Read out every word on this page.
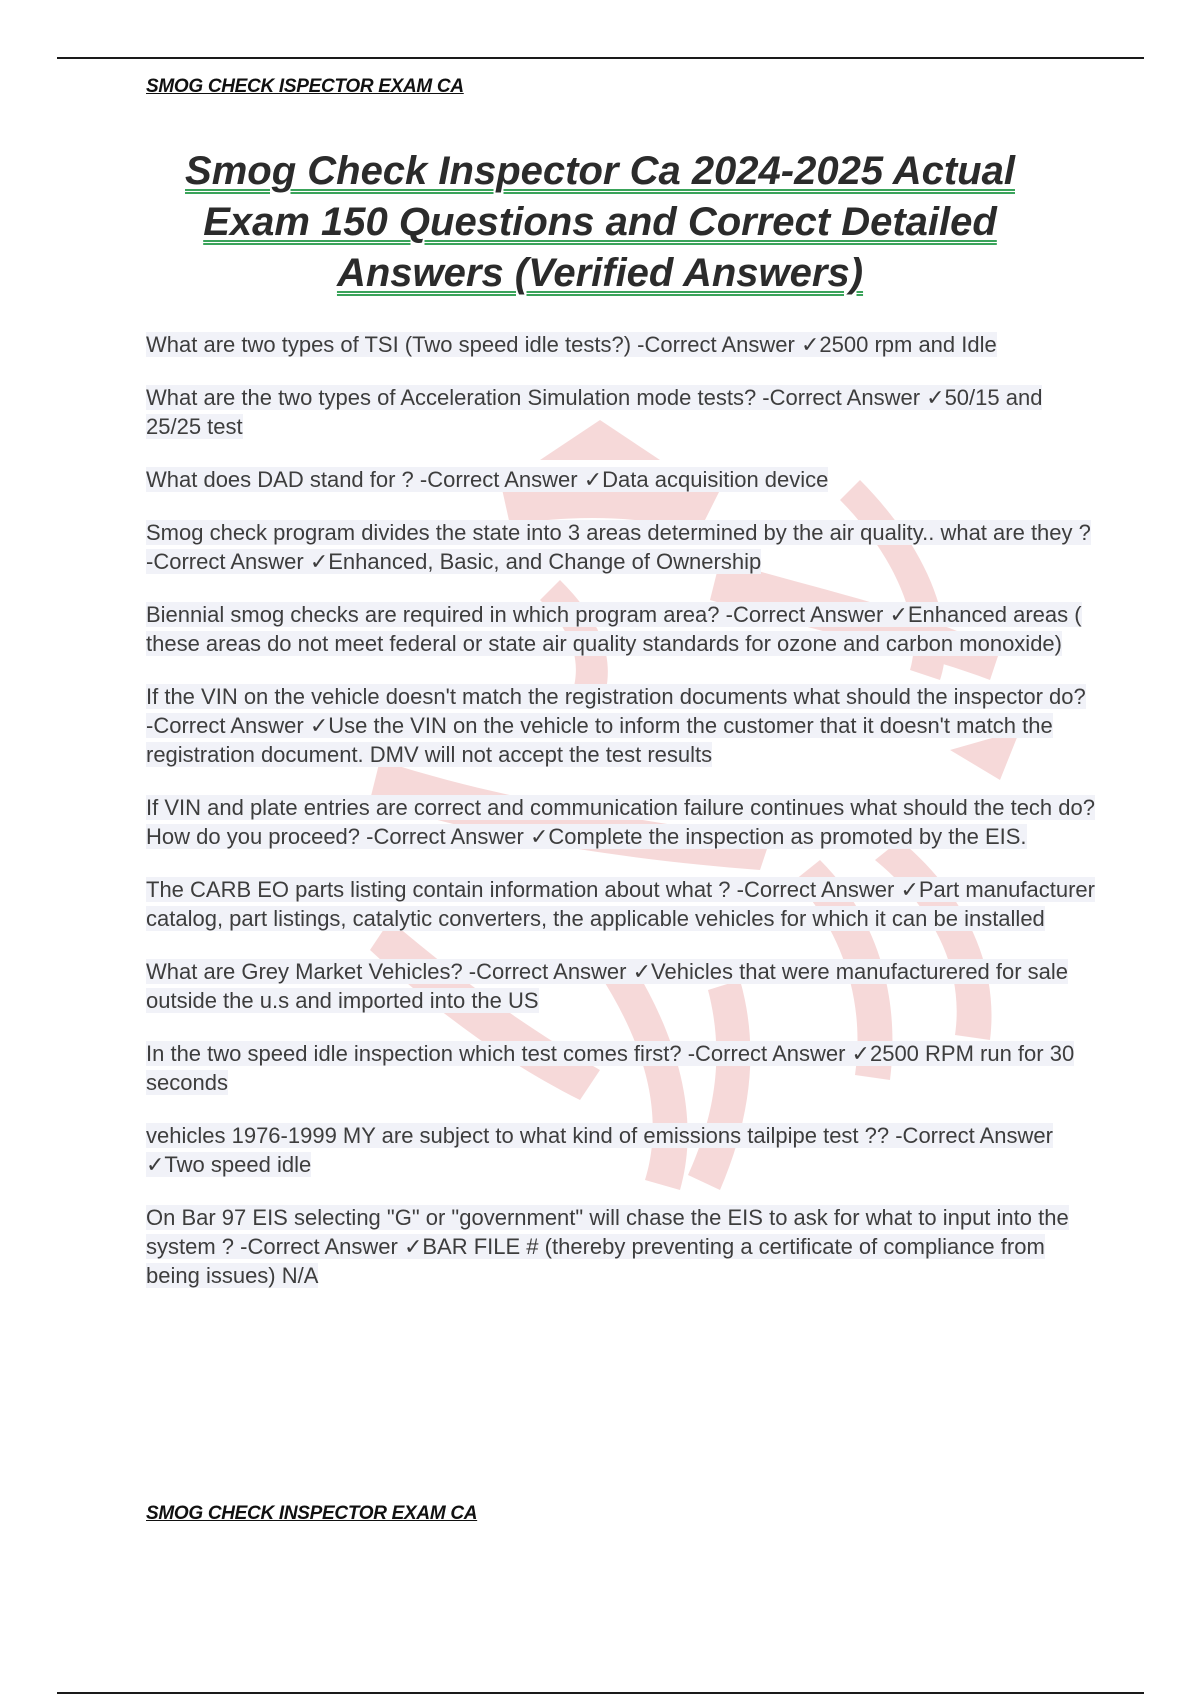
SMOG CHECK ISPECTOR EXAM CA
Smog Check Inspector Ca 2024-2025 Actual Exam 150 Questions and Correct Detailed Answers (Verified Answers)

What are two types of TSI (Two speed idle tests?) -Correct Answer ✓2500 rpm and Idle

What are the two types of Acceleration Simulation mode tests? -Correct Answer ✓50/15 and 25/25 test

What does DAD stand for ? -Correct Answer ✓Data acquisition device

Smog check program divides the state into 3 areas determined by the air quality.. what are they ? -Correct Answer ✓Enhanced, Basic, and Change of Ownership

Biennial smog checks are required in which program area? -Correct Answer ✓Enhanced areas ( these areas do not meet federal or state air quality standards for ozone and carbon monoxide)

If the VIN on the vehicle doesn't match the registration documents what should the inspector do? -Correct Answer ✓Use the VIN on the vehicle to inform the customer that it doesn't match the registration document. DMV will not accept the test results

If VIN and plate entries are correct and communication failure continues what should the tech do? How do you proceed? -Correct Answer ✓Complete the inspection as promoted by the EIS.

The CARB EO parts listing contain information about what ? -Correct Answer ✓Part manufacturer catalog, part listings, catalytic converters, the applicable vehicles for which it can be installed

What are Grey Market Vehicles? -Correct Answer ✓Vehicles that were manufacturered for sale outside the u.s and imported into the US

In the two speed idle inspection which test comes first? -Correct Answer ✓2500 RPM run for 30 seconds

vehicles 1976-1999 MY are subject to what kind of emissions tailpipe test ?? -Correct Answer ✓Two speed idle

On Bar 97 EIS selecting "G" or "government" will chase the EIS to ask for what to input into the system ? -Correct Answer ✓BAR FILE # (thereby preventing a certificate of compliance from being issues) N/A

SMOG CHECK INSPECTOR EXAM CA
